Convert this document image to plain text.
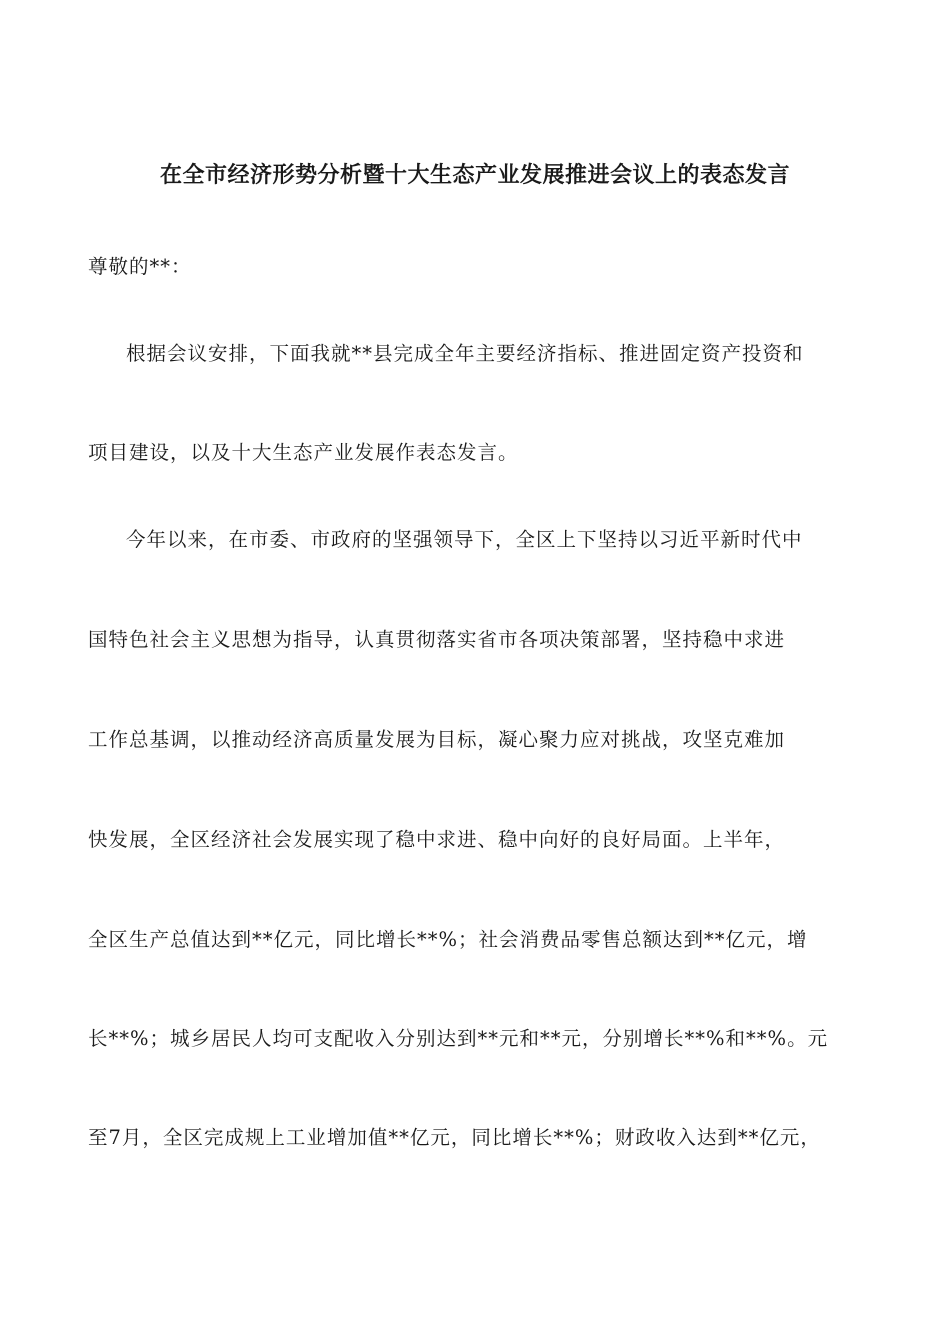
在全市经济形势分析暨十大生态产业发展推进会议上的表态发言
尊敬的**：
根据会议安排，下面我就**县完成全年主要经济指标、推进固定资产投资和
项目建设，以及十大生态产业发展作表态发言。
今年以来，在市委、市政府的坚强领导下，全区上下坚持以习近平新时代中
国特色社会主义思想为指导，认真贯彻落实省市各项决策部署，坚持稳中求进
工作总基调，以推动经济高质量发展为目标，凝心聚力应对挑战，攻坚克难加
快发展，全区经济社会发展实现了稳中求进、稳中向好的良好局面。上半年，
全区生产总值达到**亿元，同比增长**%；社会消费品零售总额达到**亿元，增
长**%；城乡居民人均可支配收入分别达到**元和**元，分别增长**%和**%。元
至7月，全区完成规上工业增加值**亿元，同比增长**%；财政收入达到**亿元，
